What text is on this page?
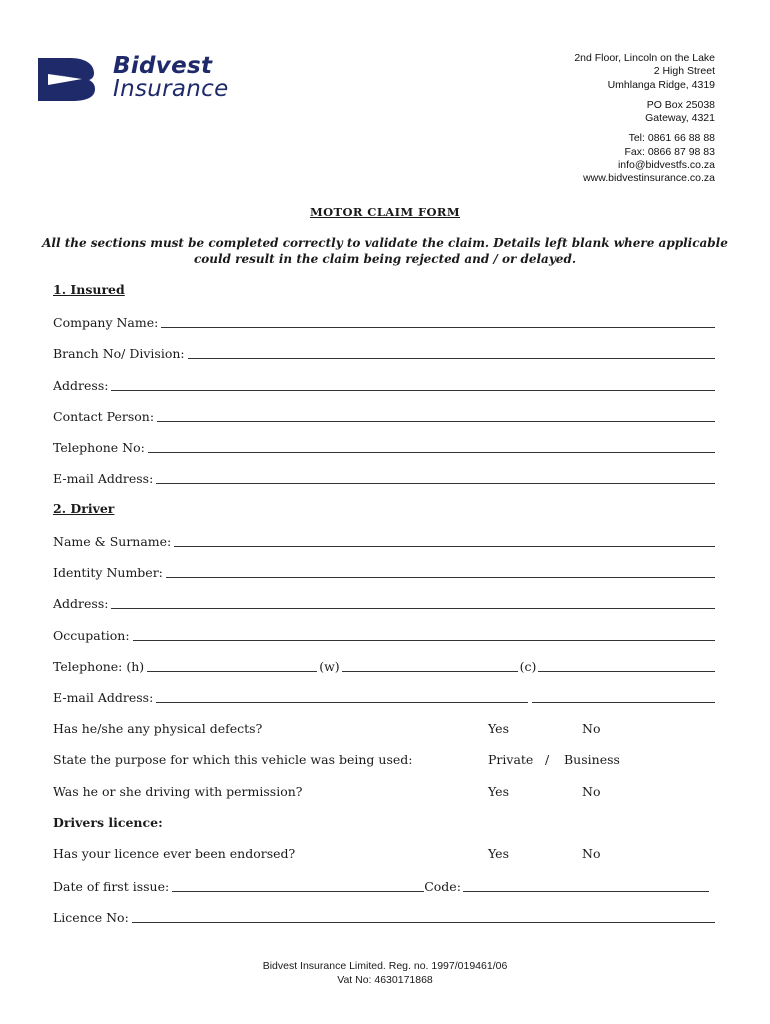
Bidvest
Insurance
2nd Floor, Lincoln on the Lake
2 High Street
Umhlanga Ridge, 4319
PO Box 25038
Gateway, 4321
Tel: 0861 66 88 88
Fax: 0866 87 98 83
info@bidvestfs.co.za
www.bidvestinsurance.co.za
MOTOR CLAIM FORM
All the sections must be completed correctly to validate the claim. Details left blank where applicable
could result in the claim being rejected and / or delayed.
1. Insured
Company Name:
Branch No/ Division:
Address:
Contact Person:
Telephone No:
E-mail Address:
2. Driver
Name & Surname:
Identity Number:
Address:
Occupation:
Telephone: (h)	(w)	(c)
E-mail Address:
Has he/she any physical defects?	Yes	No
State the purpose for which this vehicle was being used:	Private / Business
Was he or she driving with permission?	Yes	No
Drivers licence:
Has your licence ever been endorsed?	Yes	No
Date of first issue:	Code:
Licence No:
Bidvest Insurance Limited. Reg. no. 1997/019461/06
Vat No: 4630171868
